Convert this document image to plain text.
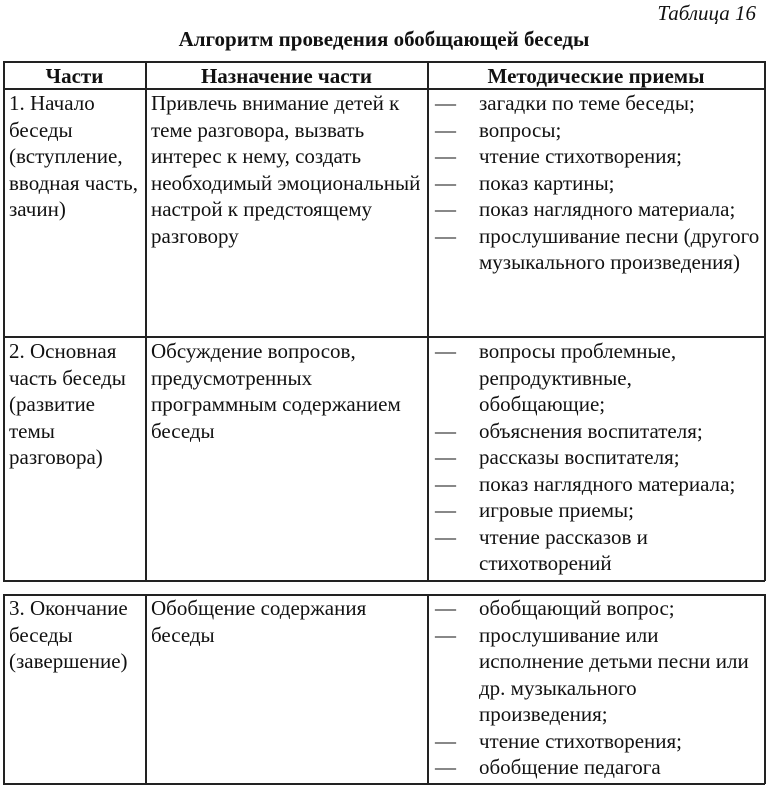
Таблица 16
Алгоритм проведения обобщающей беседы
Части	Назначение части	Методические приемы
1. Начало беседы (вступление, вводная часть, зачин)
Привлечь внимание детей к теме разговора, вызвать интерес к нему, создать необходимый эмоциональный настрой к предстоящему разговору
— загадки по теме беседы;
— вопросы;
— чтение стихотворения;
— показ картины;
— показ наглядного материала;
— прослушивание песни (другого музыкального произведения)
2. Основная часть беседы (развитие темы разговора)
Обсуждение вопросов, предусмотренных программным содержанием беседы
— вопросы проблемные, репродуктивные, обобщающие;
— объяснения воспитателя;
— рассказы воспитателя;
— показ наглядного материала;
— игровые приемы;
— чтение рассказов и стихотворений
3. Окончание беседы (завершение)
Обобщение содержания беседы
— обобщающий вопрос;
— прослушивание или исполнение детьми песни или др. музыкального произведения;
— чтение стихотворения;
— обобщение педагога
